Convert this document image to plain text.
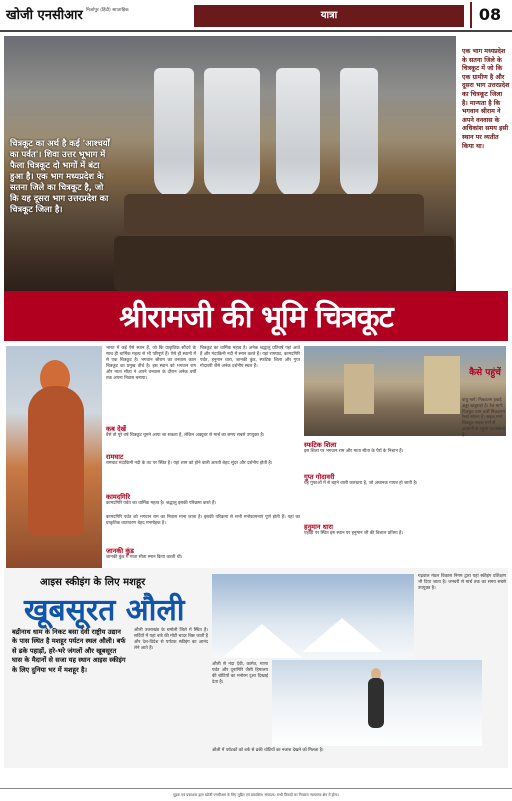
खोजी एनसीआर मिर्जापुर (हिंदी) साप्ताहिक	यात्रा	08
चित्रकूट का अर्थ है कई 'आश्चर्यों का पर्वत'। शिवा उत्तर भूभाग में फैला चित्रकूट दो भागों में बंटा हुआ है। एक भाग मध्यप्रदेश के सतना जिले का चित्रकूट है, जो कि यह दूसरा भाग उत्तरप्रदेश का चित्रकूट जिला है।
एक भाग मध्यप्रदेश के सतना जिले के चित्रकूट में जो कि एक ग्रामीण है और दूसरा भाग उत्तरप्रदेश का चित्रकूट जिला है। मान्यता है कि भगवान श्रीराम ने अपने वनवास के अधिकांश समय इसी स्थान पर व्यतीत किया था।
श्रीरामजी की भूमि चित्रकूट

भारत में कई ऐसे स्थान हैं, जो कि प्राकृतिक सौंदर्य के साथ ही धार्मिक महत्व से भी परिपूर्ण हैं। ऐसे ही स्थानों में से एक चित्रकूट है। भगवान श्रीराम का वनवास काल चित्रकूट का प्रमुख तीर्थ है। इस स्थान को भगवान राम और माता सीता ने अपने वनवास के दौरान अनेक वर्षों तक अपना निवास बनाया।

चित्रकूट का धार्मिक महत्व है। अनेक श्रद्धालु प्रतिवर्ष यहां आते हैं और मंदाकिनी नदी में स्नान करते हैं। यहां रामघाट, कामदगिरि पर्वत, हनुमान धारा, जानकी कुंड, स्फटिक शिला और गुप्त गोदावरी जैसे अनेक दर्शनीय स्थल हैं।

कब देखें
वैसे तो पूरे वर्ष चित्रकूट घूमने आया जा सकता है, लेकिन अक्टूबर से मार्च का समय सबसे उपयुक्त है।
रामघाट
रामघाट मंदाकिनी नदी के तट पर स्थित है। यहां शाम को होने वाली आरती बेहद सुंदर और दर्शनीय होती है।
कामदगिरि
कामदगिरि पर्वत का धार्मिक महत्व है। श्रद्धालु इसकी परिक्रमा करते हैं।
कामदगिरि पर्वत को भगवान राम का निवास माना जाता है। इसकी परिक्रमा से सभी मनोकामनाएं पूर्ण होती हैं। यहां का प्राकृतिक वातावरण बेहद मनमोहक है।
जानकी कुंड
जानकी कुंड में माता सीता स्नान किया करती थीं।
स्फटिक शिला
इस शिला पर भगवान राम और माता सीता के पैरों के निशान हैं।
गुप्त गोदावरी
यह गुफाओं में से बहने वाली जलधारा है, जो अचानक गायब हो जाती है।
हनुमान धारा
पहाड़ी पर स्थित इस स्थान पर हनुमान जी की विशाल प्रतिमा है।
कैसे पहुंचें
वायु मार्ग: निकटतम हवाई अड्डा खजुराहो है। रेल मार्ग: चित्रकूट धाम कर्वी निकटतम रेलवे स्टेशन है। सड़क मार्ग: चित्रकूट सड़क मार्ग से आसानी से पहुंचा जा सकता है।
आइस स्कीइंग के लिए मशहूर
खूबसूरत औली
बद्रीनाथ धाम के निकट बसा देवी राष्ट्रीय उद्यान के पास स्थित है मशहूर पर्यटन स्थल औली। बर्फ से ढके पहाड़ों, हरे-भरे जंगलों और खूबसूरत घास के मैदानों से सजा यह स्थान आइस स्कीइंग के लिए दुनिया भर में मशहूर है।
औली उत्तराखंड के चमोली जिले में स्थित है। सर्दियों में यहां बर्फ की मोटी चादर बिछ जाती है और देश-विदेश से पर्यटक स्कीइंग का आनंद लेने आते हैं।
औली से नंदा देवी, कामेत, माणा पर्वत और दूनागिरि जैसी हिमालय की चोटियों का मनोरम दृश्य दिखाई देता है।
गढ़वाल मंडल विकास निगम द्वारा यहां स्कीइंग प्रशिक्षण भी दिया जाता है। जनवरी से मार्च तक का समय सबसे उपयुक्त है।
औली में पर्यटकों को बर्फ से ढकी चोटियों का नजारा देखने को मिलता है।
मुद्रक एवं प्रकाशक द्वारा खोजी एनसीआर के लिए मुद्रित एवं प्रकाशित। संपादक: सभी विवादों का निपटारा न्यायालय क्षेत्र में होगा।
